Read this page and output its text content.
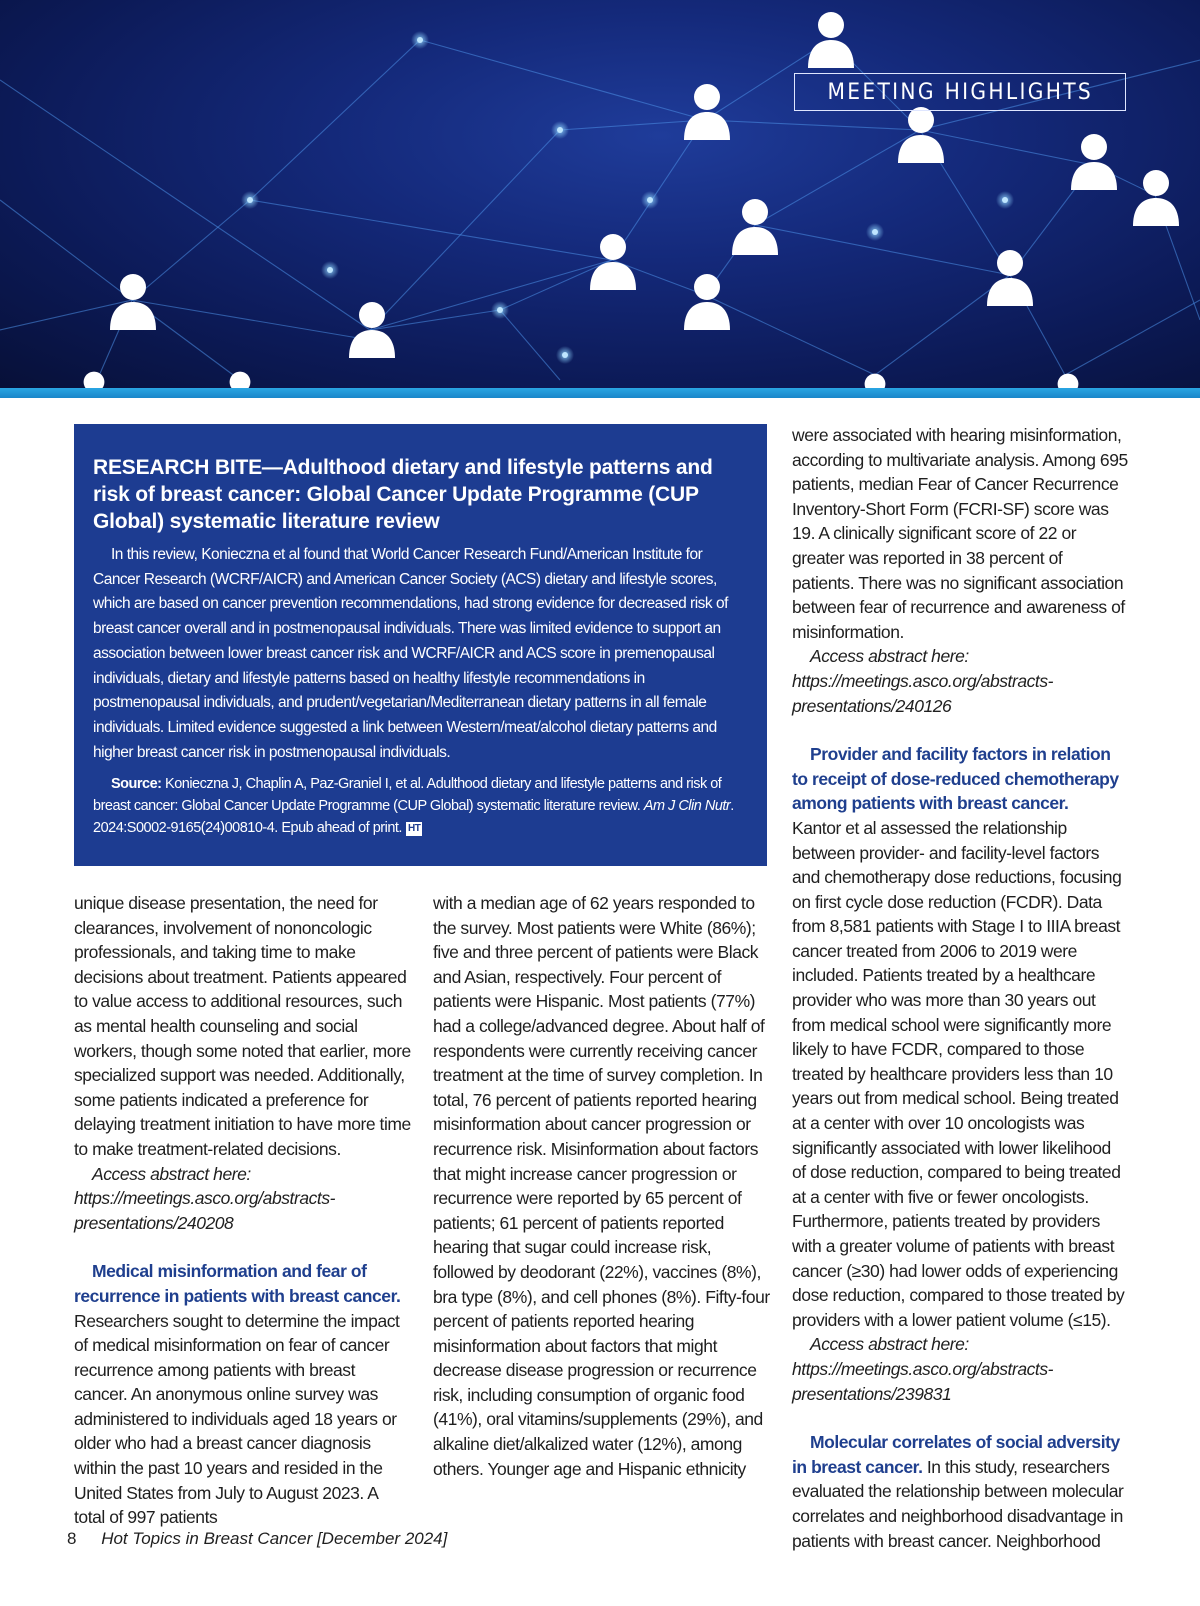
MEETING HIGHLIGHTS

RESEARCH BITE—Adulthood dietary and lifestyle patterns and risk of breast cancer: Global Cancer Update Programme (CUP Global) systematic literature review

In this review, Konieczna et al found that World Cancer Research Fund/American Institute for Cancer Research (WCRF/AICR) and American Cancer Society (ACS) dietary and lifestyle scores, which are based on cancer prevention recommendations, had strong evidence for decreased risk of breast cancer overall and in postmenopausal individuals. There was limited evidence to support an association between lower breast cancer risk and WCRF/AICR and ACS score in premenopausal individuals, dietary and lifestyle patterns based on healthy lifestyle recommendations in postmenopausal individuals, and prudent/vegetarian/Mediterranean dietary patterns in all female individuals. Limited evidence suggested a link between Western/meat/alcohol dietary patterns and higher breast cancer risk in postmenopausal individuals.

Source: Konieczna J, Chaplin A, Paz-Graniel I, et al. Adulthood dietary and lifestyle patterns and risk of breast cancer: Global Cancer Update Programme (CUP Global) systematic literature review. Am J Clin Nutr. 2024:S0002-9165(24)00810-4. Epub ahead of print. HT

unique disease presentation, the need for clearances, involvement of nononcologic professionals, and taking time to make decisions about treatment. Patients appeared to value access to additional resources, such as mental health counseling and social workers, though some noted that earlier, more specialized support was needed. Additionally, some patients indicated a preference for delaying treatment initiation to have more time to make treatment-related decisions.

Access abstract here: https://meetings.asco.org/abstracts-presentations/240208

Medical misinformation and fear of recurrence in patients with breast cancer.

Researchers sought to determine the impact of medical misinformation on fear of cancer recurrence among patients with breast cancer. An anonymous online survey was administered to individuals aged 18 years or older who had a breast cancer diagnosis within the past 10 years and resided in the United States from July to August 2023. A total of 997 patients

with a median age of 62 years responded to the survey. Most patients were White (86%); five and three percent of patients were Black and Asian, respectively. Four percent of patients were Hispanic. Most patients (77%) had a college/advanced degree. About half of respondents were currently receiving cancer treatment at the time of survey completion. In total, 76 percent of patients reported hearing misinformation about cancer progression or recurrence risk. Misinformation about factors that might increase cancer progression or recurrence were reported by 65 percent of patients; 61 percent of patients reported hearing that sugar could increase risk, followed by deodorant (22%), vaccines (8%), bra type (8%), and cell phones (8%). Fifty-four percent of patients reported hearing misinformation about factors that might decrease disease progression or recurrence risk, including consumption of organic food (41%), oral vitamins/supplements (29%), and alkaline diet/alkalized water (12%), among others. Younger age and Hispanic ethnicity

were associated with hearing misinformation, according to multivariate analysis. Among 695 patients, median Fear of Cancer Recurrence Inventory-Short Form (FCRI-SF) score was 19. A clinically significant score of 22 or greater was reported in 38 percent of patients. There was no significant association between fear of recurrence and awareness of misinformation.

Access abstract here: https://meetings.asco.org/abstracts-presentations/240126

Provider and facility factors in relation to receipt of dose-reduced chemotherapy among patients with breast cancer.

Kantor et al assessed the relationship between provider- and facility-level factors and chemotherapy dose reductions, focusing on first cycle dose reduction (FCDR). Data from 8,581 patients with Stage I to IIIA breast cancer treated from 2006 to 2019 were included. Patients treated by a healthcare provider who was more than 30 years out from medical school were significantly more likely to have FCDR, compared to those treated by healthcare providers less than 10 years out from medical school. Being treated at a center with over 10 oncologists was significantly associated with lower likelihood of dose reduction, compared to being treated at a center with five or fewer oncologists. Furthermore, patients treated by providers with a greater volume of patients with breast cancer (≥30) had lower odds of experiencing dose reduction, compared to those treated by providers with a lower patient volume (≤15).

Access abstract here: https://meetings.asco.org/abstracts-presentations/239831

Molecular correlates of social adversity in breast cancer. In this study, researchers evaluated the relationship between molecular correlates and neighborhood disadvantage in patients with breast cancer. Neighborhood

8 Hot Topics in Breast Cancer [December 2024]
